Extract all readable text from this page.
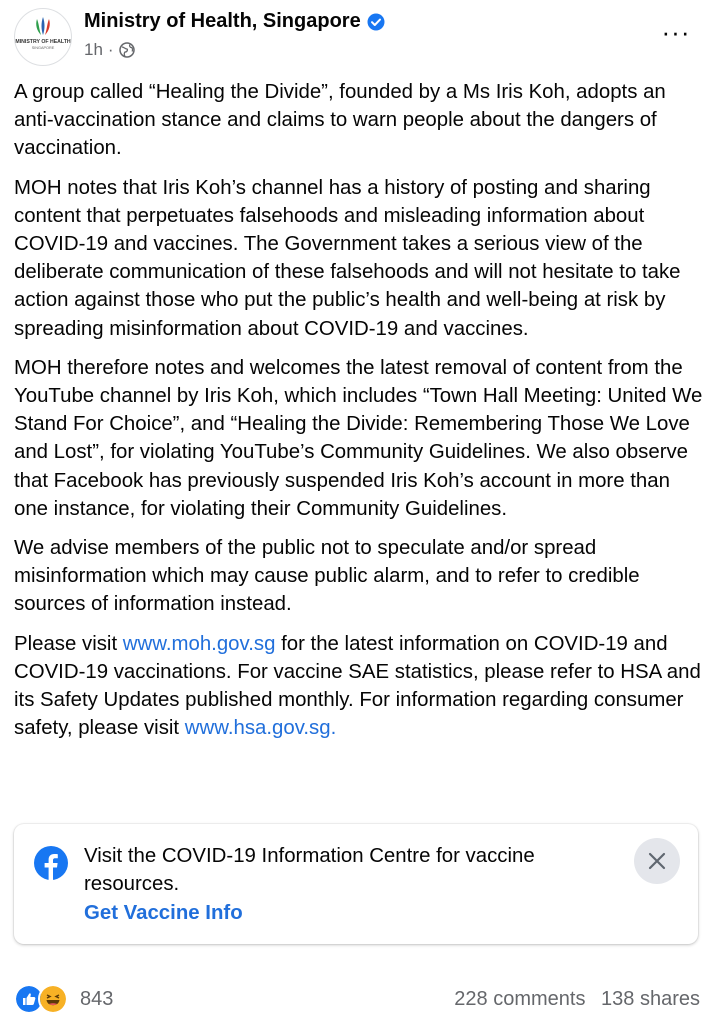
MINISTRY OF HEALTH
SINGAPORE
Ministry of Health, Singapore
1h ·
···

A group called “Healing the Divide”, founded by a Ms Iris Koh, adopts an anti-vaccination stance and claims to warn people about the dangers of vaccination.

MOH notes that Iris Koh’s channel has a history of posting and sharing content that perpetuates falsehoods and misleading information about COVID-19 and vaccines. The Government takes a serious view of the deliberate communication of these falsehoods and will not hesitate to take action against those who put the public’s health and well-being at risk by spreading misinformation about COVID-19 and vaccines.

MOH therefore notes and welcomes the latest removal of content from the YouTube channel by Iris Koh, which includes “Town Hall Meeting: United We Stand For Choice”, and “Healing the Divide: Remembering Those We Love and Lost”, for violating YouTube’s Community Guidelines. We also observe that Facebook has previously suspended Iris Koh’s account in more than one instance, for violating their Community Guidelines.

We advise members of the public not to speculate and/or spread misinformation which may cause public alarm, and to refer to credible sources of information instead.

Please visit www.moh.gov.sg for the latest information on COVID-19 and COVID-19 vaccinations. For vaccine SAE statistics, please refer to HSA and its Safety Updates published monthly. For information regarding consumer safety, please visit www.hsa.gov.sg.

Visit the COVID-19 Information Centre for vaccine resources.
Get Vaccine Info
843	228 comments 138 shares
